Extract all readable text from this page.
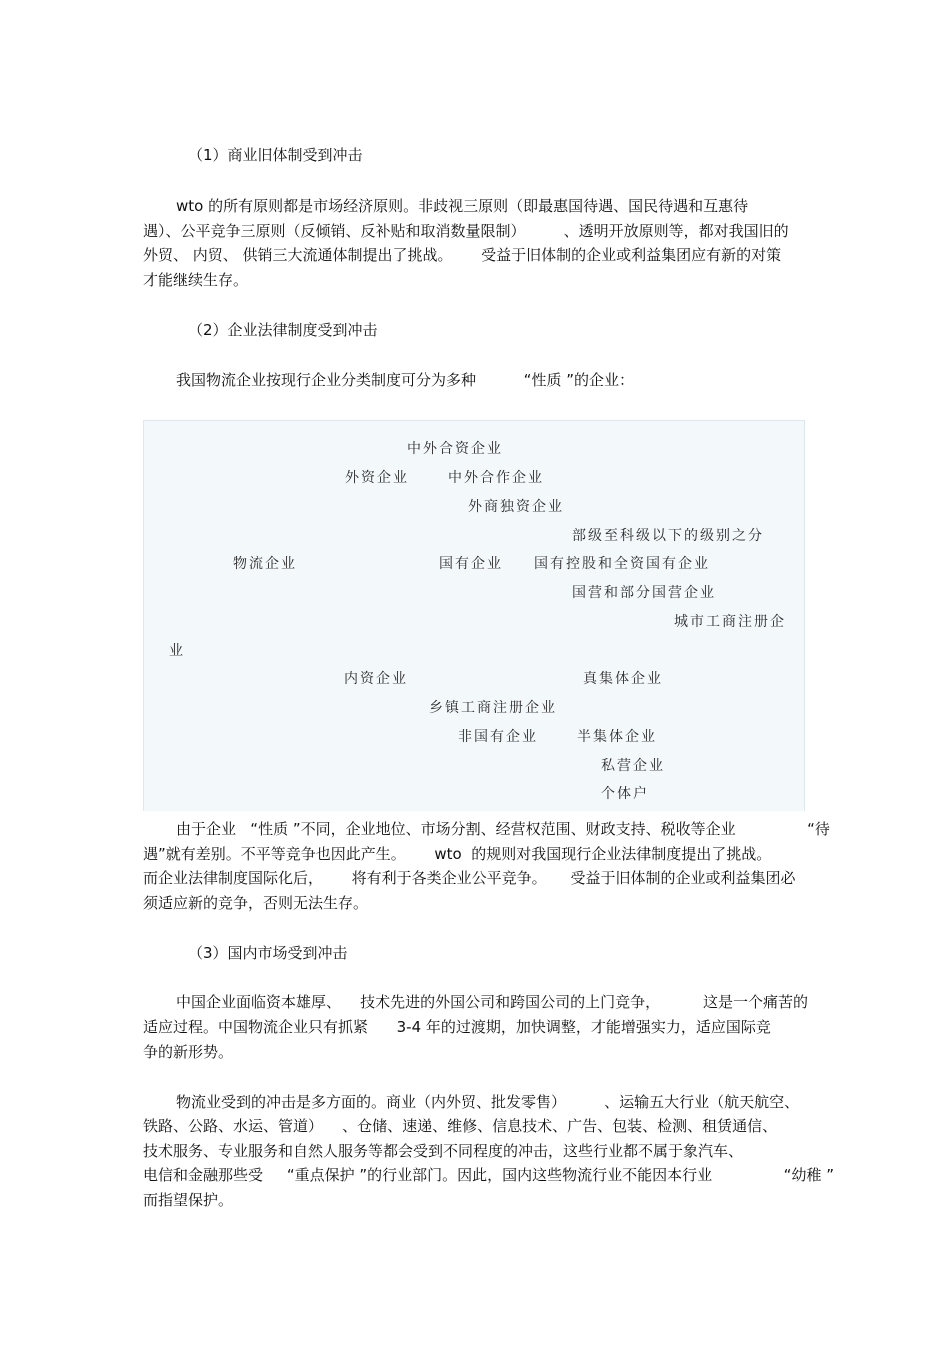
（1）商业旧体制受到冲击
wto 的所有原则都是市场经济原则。非歧视三原则（即最惠国待遇、国民待遇和互惠待
遇）、公平竞争三原则（反倾销、反补贴和取消数量限制）        、透明开放原则等，都对我国旧的
外贸、 内贸、 供销三大流通体制提出了挑战。      受益于旧体制的企业或利益集团应有新的对策
才能继续生存。
（2）企业法律制度受到冲击
我国物流企业按现行企业分类制度可分为多种          “性质 ”的企业：
中外合资企业
外资企业	中外合作企业
外商独资企业
部级至科级以下的级别之分
物流企业	国有企业 国有控股和全资国有企业
国营和部分国营企业
城市工商注册企
业
内资企业	真集体企业
乡镇工商注册企业
非国有企业	半集体企业
私营企业
个体户
由于企业   “性质 ”不同，企业地位、市场分割、经营权范围、财政支持、税收等企业               “待
遇”就有差别。不平等竞争也因此产生。      wto  的规则对我国现行企业法律制度提出了挑战。
而企业法律制度国际化后，      将有利于各类企业公平竞争。     受益于旧体制的企业或利益集团必
须适应新的竞争，否则无法生存。
（3）国内市场受到冲击
中国企业面临资本雄厚、    技术先进的外国公司和跨国公司的上门竞争，         这是一个痛苦的
适应过程。中国物流企业只有抓紧      3-4 年的过渡期，加快调整，才能增强实力，适应国际竞
争的新形势。
物流业受到的冲击是多方面的。商业（内外贸、批发零售）        、运输五大行业（航天航空、
铁路、公路、水运、管道）    、仓储、速递、维修、信息技术、广告、包装、检测、租赁通信、
技术服务、专业服务和自然人服务等都会受到不同程度的冲击，这些行业都不属于象汽车、
电信和金融那些受     “重点保护 ”的行业部门。因此，国内这些物流行业不能因本行业               “幼稚 ”
而指望保护。
